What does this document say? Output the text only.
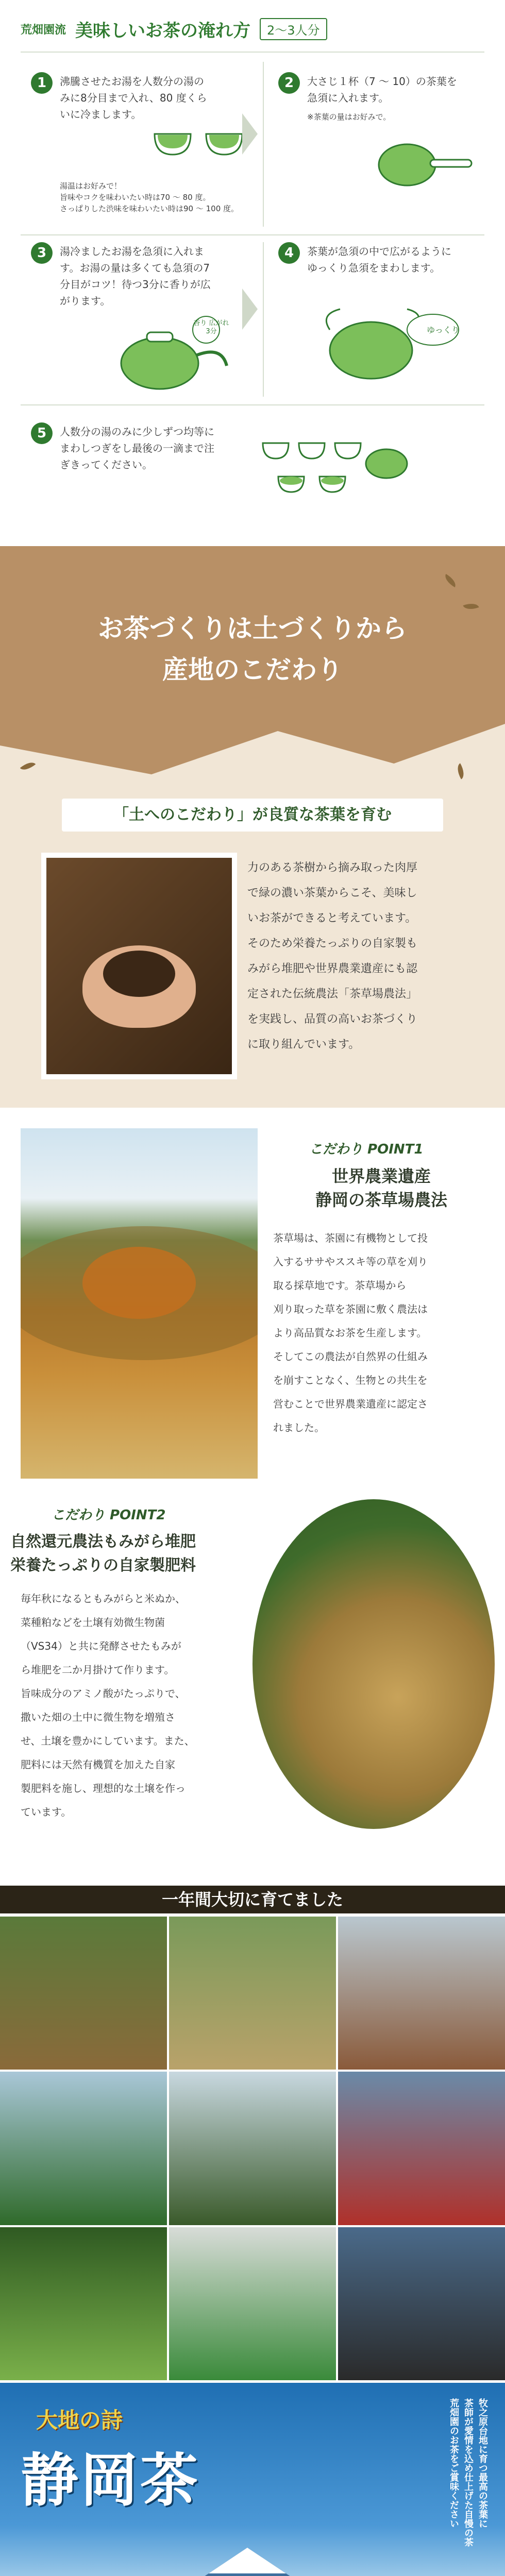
荒畑園流 美味しいお茶の淹れ方	2〜3人分
1	沸騰させたお湯を人数分の湯の
みに8分目まで入れ、80 度くら
いに冷まします。
湯温はお好みで！
旨味やコクを味わいたい時は70 〜 80 度。
さっぱりした渋味を味わいたい時は90 〜 100 度。
2	大さじ１杯（7 〜 10）の茶葉を
急須に入れます。
※茶葉の量はお好みで。
3	湯冷ましたお湯を急須に入れま
す。お湯の量は多くても急須の7
分目がコツ！待つ3分に香りが広
がります。
香り 広がれ 3分
4	茶葉が急須の中で広がるように
ゆっくり急須をまわします。
ゆっくり
5	人数分の湯のみに少しずつ均等に
まわしつぎをし最後の一滴まで注
ぎきってください。
お茶づくりは土づくりから
産地のこだわり
「土へのこだわり」が良質な茶葉を育む
力のある茶樹から摘み取った肉厚
で緑の濃い茶葉からこそ、美味し
いお茶ができると考えています。
そのため栄養たっぷりの自家製も
みがら堆肥や世界農業遺産にも認
定された伝統農法「茶草場農法」
を実践し、品質の高いお茶づくり
に取り組んでいます。
こだわり POINT1
世界農業遺産
静岡の茶草場農法
茶草場は、茶園に有機物として投
入するササやススキ等の草を刈り
取る採草地です。茶草場から
刈り取った草を茶園に敷く農法は
より高品質なお茶を生産します。
そしてこの農法が自然界の仕組み
を崩すことなく、生物との共生を
営むことで世界農業遺産に認定さ
れました。
こだわり POINT2
自然還元農法もみがら堆肥
栄養たっぷりの自家製肥料
毎年秋になるともみがらと米ぬか、
菜種粕などを土壌有効微生物菌
（VS34）と共に発酵させたもみが
ら堆肥を二か月掛けて作ります。
旨味成分のアミノ酸がたっぷりで、
撒いた畑の土中に微生物を増殖さ
せ、土壌を豊かにしています。また、
肥料には天然有機質を加えた自家
製肥料を施し、理想的な土壌を作っ
ています。
一年間大切に育てました
大地の詩
静岡茶	牧之原台地に育つ最高の茶葉に
茶師が愛情を込め仕上げた自慢の茶
荒畑園のお茶をご賞味ください
